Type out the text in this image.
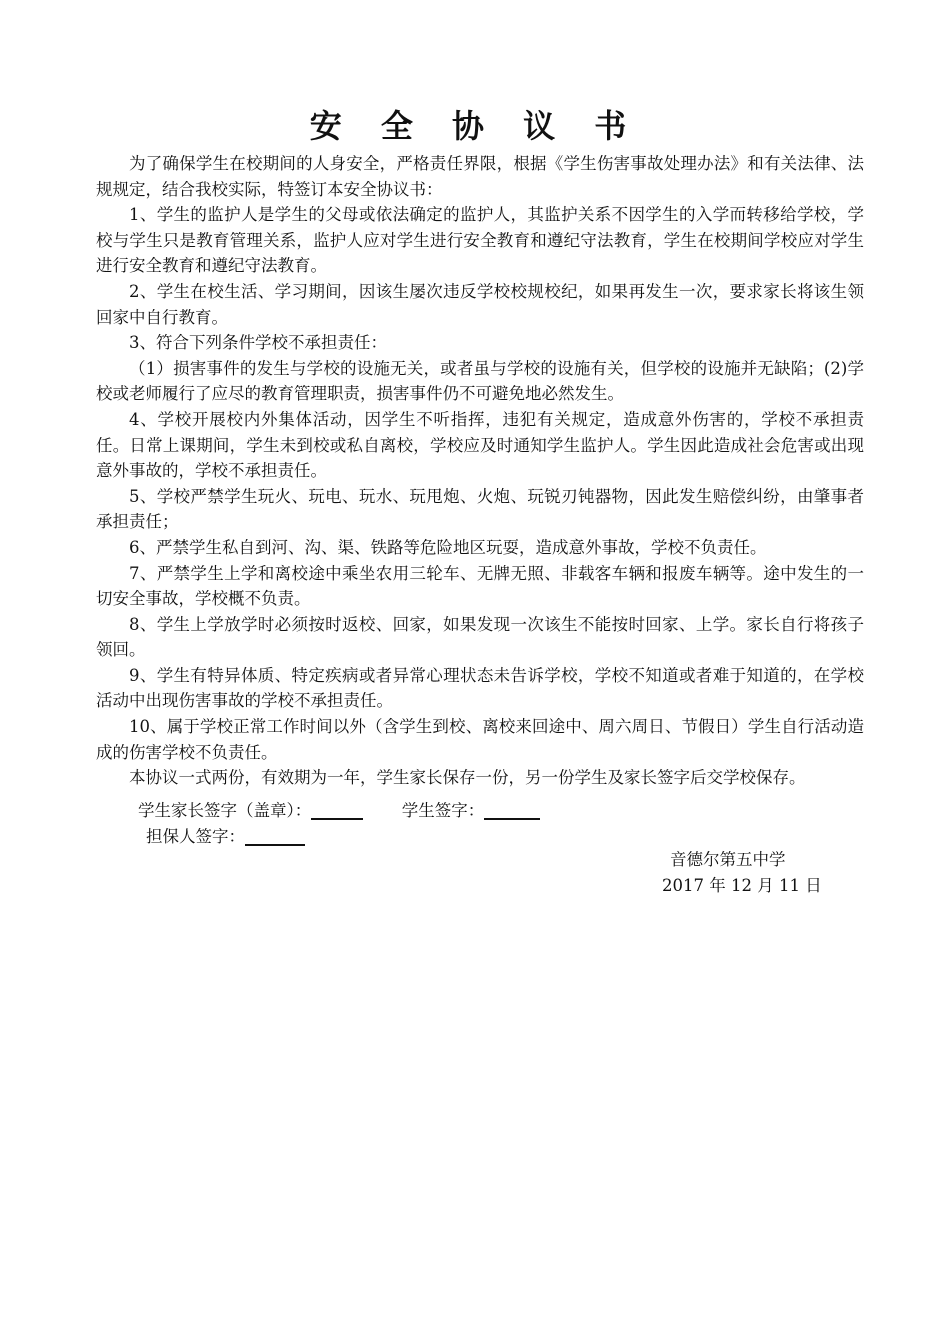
安 全 协 议 书

为了确保学生在校期间的人身安全，严格责任界限，根据《学生伤害事故处理办法》和有关法律、法规规定，结合我校实际，特签订本安全协议书：

1、学生的监护人是学生的父母或依法确定的监护人，其监护关系不因学生的入学而转移给学校，学校与学生只是教育管理关系，监护人应对学生进行安全教育和遵纪守法教育，学生在校期间学校应对学生进行安全教育和遵纪守法教育。

2、学生在校生活、学习期间，因该生屡次违反学校校规校纪，如果再发生一次，要求家长将该生领回家中自行教育。

3、符合下列条件学校不承担责任：

（1）损害事件的发生与学校的设施无关，或者虽与学校的设施有关，但学校的设施并无缺陷；(2)学校或老师履行了应尽的教育管理职责，损害事件仍不可避免地必然发生。

4、学校开展校内外集体活动，因学生不听指挥，违犯有关规定，造成意外伤害的，学校不承担责任。日常上课期间，学生未到校或私自离校，学校应及时通知学生监护人。学生因此造成社会危害或出现意外事故的，学校不承担责任。

5、学校严禁学生玩火、玩电、玩水、玩甩炮、火炮、玩锐刃钝器物，因此发生赔偿纠纷，由肇事者承担责任；

6、严禁学生私自到河、沟、渠、铁路等危险地区玩耍，造成意外事故，学校不负责任。

7、严禁学生上学和离校途中乘坐农用三轮车、无牌无照、非载客车辆和报废车辆等。途中发生的一切安全事故，学校概不负责。

8、学生上学放学时必须按时返校、回家，如果发现一次该生不能按时回家、上学。家长自行将孩子领回。

9、学生有特异体质、特定疾病或者异常心理状态未告诉学校，学校不知道或者难于知道的，在学校活动中出现伤害事故的学校不承担责任。

10、属于学校正常工作时间以外（含学生到校、离校来回途中、周六周日、节假日）学生自行活动造成的伤害学校不负责任。

本协议一式两份，有效期为一年，学生家长保存一份，另一份学生及家长签字后交学校保存。

学生家长签字（盖章）：	学生签字：
担保人签字：
音德尔第五中学
2017 年 12 月 11 日
